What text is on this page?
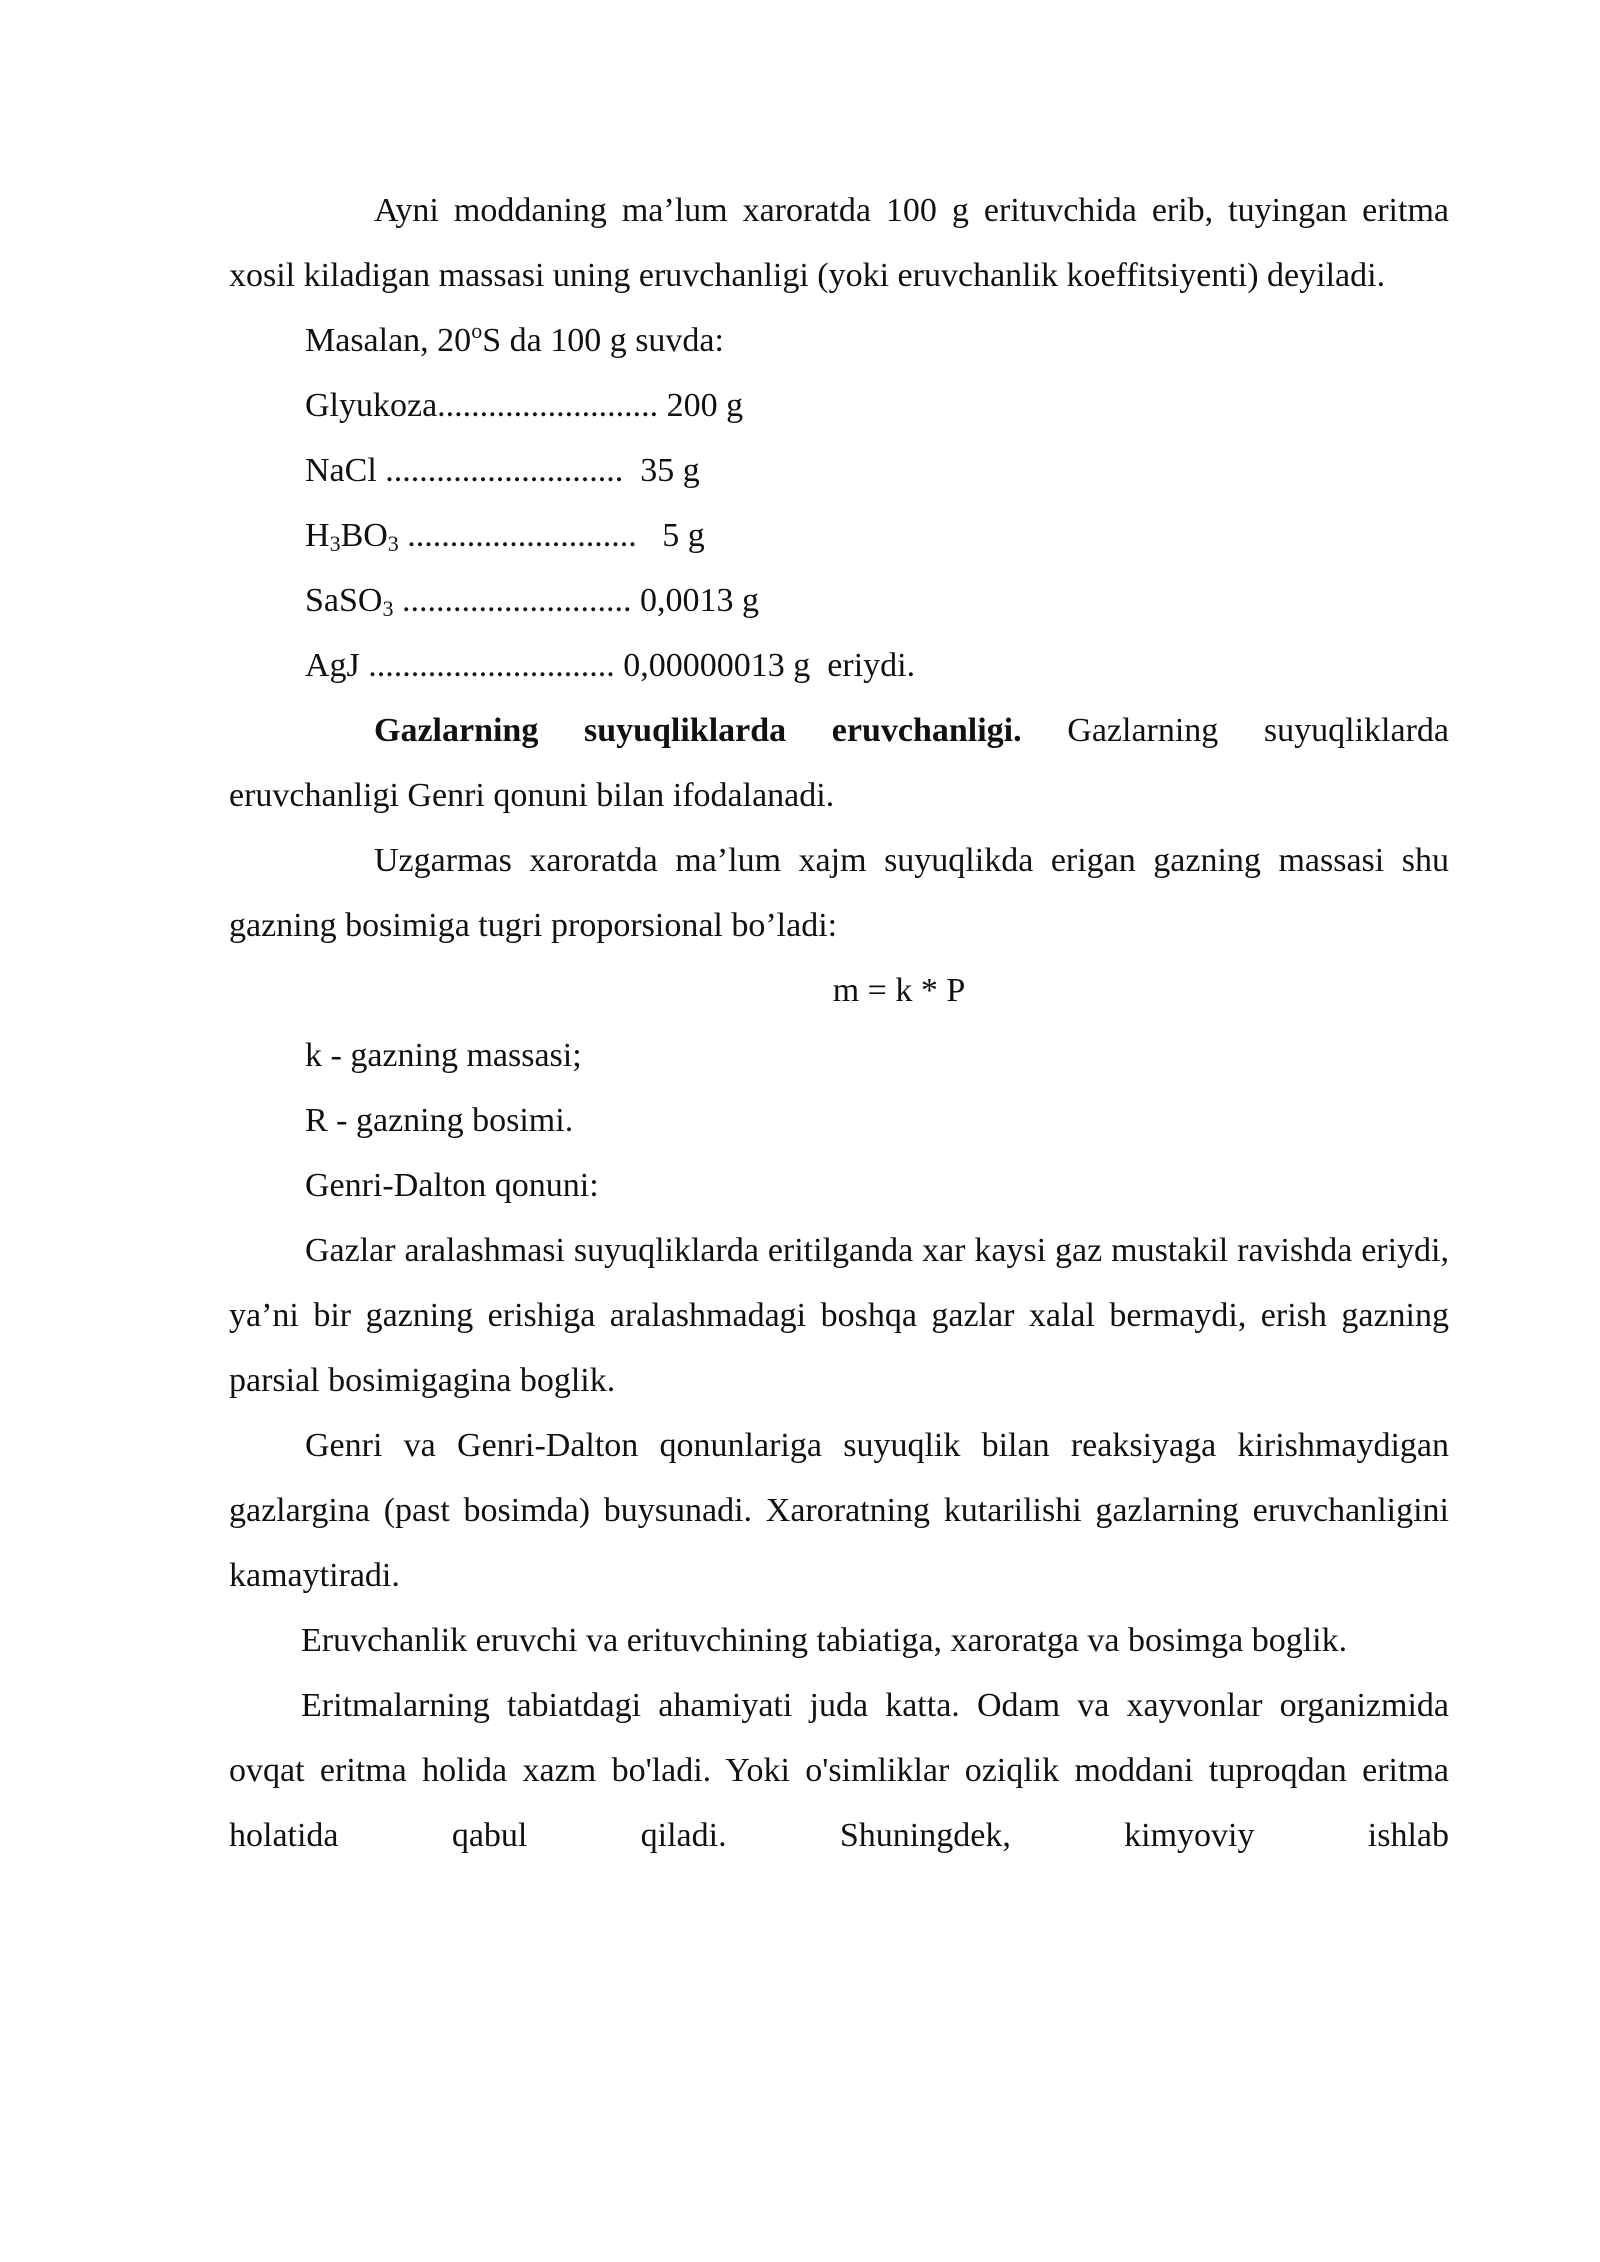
Ayni moddaning ma’lum xaroratda 100 g erituvchida erib, tuyingan eritma xosil kiladigan massasi uning eruvchanligi (yoki eruvchanlik koeffitsiyenti) deyiladi.

Masalan, 20$^o$S da 100 g suvda:

Glyukoza.......................... 200 g

NaCl ............................  35 g

$H_3BO_3$ ...........................   5 g

SaSO$_3$ ........................... 0,0013 g

AgJ ............................. 0,00000013 g  eriydi.

Gazlarning suyuqliklarda eruvchanligi. Gazlarning suyuqliklarda eruvchanligi Genri qonuni bilan ifodalanadi.

Uzgarmas xaroratda ma’lum xajm suyuqlikda erigan gazning massasi shu gazning bosimiga tugri proporsional bo’ladi:

m = k * P

k - gazning massasi;

R - gazning bosimi.

Genri-Dalton qonuni:

Gazlar aralashmasi suyuqliklarda eritilganda xar kaysi gaz mustakil ravishda eriydi, ya’ni bir gazning erishiga aralashmadagi boshqa gazlar xalal bermaydi, erish gazning parsial bosimigagina boglik.

Genri va Genri-Dalton qonunlariga suyuqlik bilan reaksiyaga kirishmaydigan gazlargina (past bosimda) buysunadi. Xaroratning kutarilishi gazlarning eruvchanligini kamaytiradi.

Eruvchanlik eruvchi va erituvchining tabiatiga, xaroratga va bosimga boglik.

Eritmalarning tabiatdagi ahamiyati juda katta. Odam va xayvonlar organizmida ovqat eritma holida xazm bo'ladi. Yoki o'simliklar oziqlik moddani tuproqdan eritma holatida qabul qiladi. Shuningdek, kimyoviy ishlab
